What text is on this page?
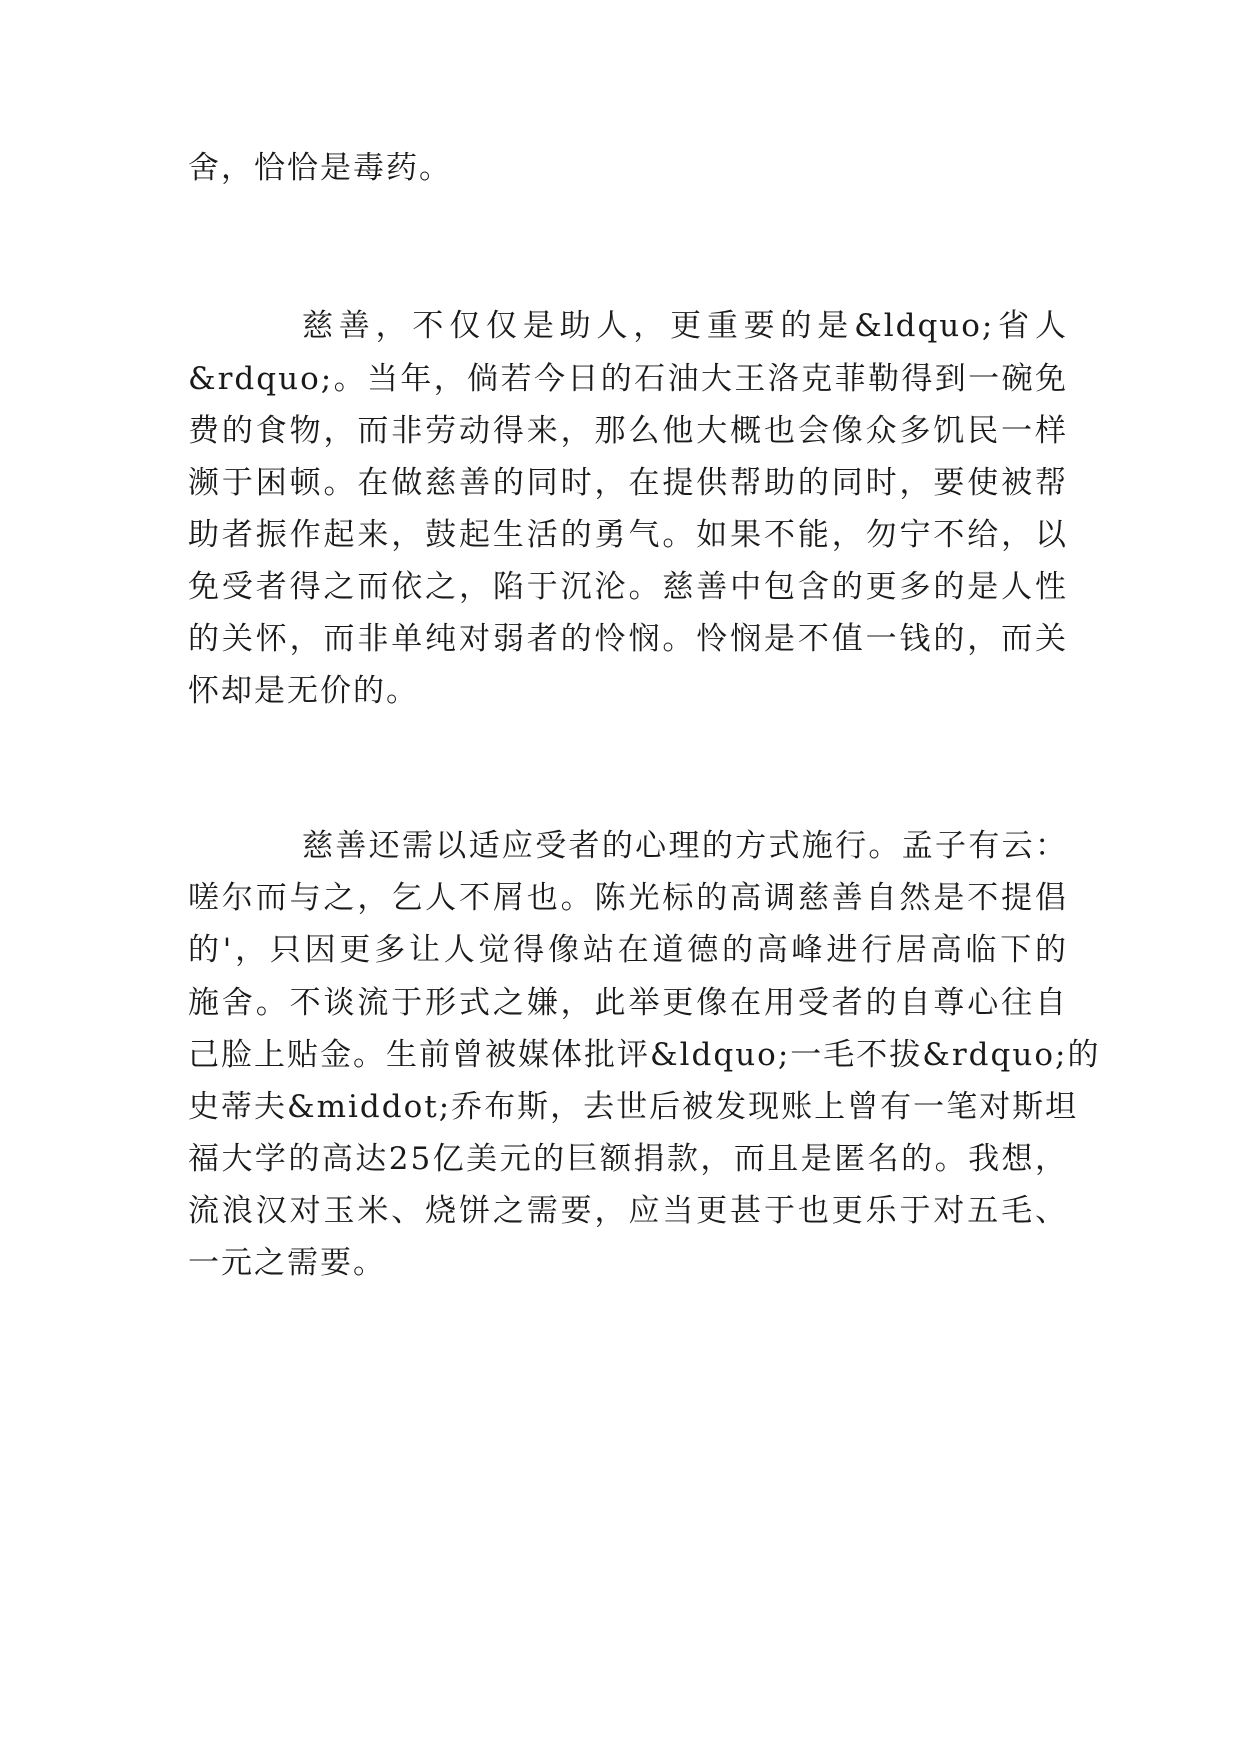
舍，恰恰是毒药。
慈善，不仅仅是助人，更重要的是&ldquo;省人
&rdquo;。当年，倘若今日的石油大王洛克菲勒得到一碗免
费的食物，而非劳动得来，那么他大概也会像众多饥民一样
濒于困顿。在做慈善的同时，在提供帮助的同时，要使被帮
助者振作起来，鼓起生活的勇气。如果不能，勿宁不给，以
免受者得之而依之，陷于沉沦。慈善中包含的更多的是人性
的关怀，而非单纯对弱者的怜悯。怜悯是不值一钱的，而关
怀却是无价的。
慈善还需以适应受者的心理的方式施行。孟子有云：
嗟尔而与之，乞人不屑也。陈光标的高调慈善自然是不提倡
的'，只因更多让人觉得像站在道德的高峰进行居高临下的
施舍。不谈流于形式之嫌，此举更像在用受者的自尊心往自
己脸上贴金。生前曾被媒体批评&ldquo;一毛不拔&rdquo;的
史蒂夫&middot;乔布斯，去世后被发现账上曾有一笔对斯坦
福大学的高达25亿美元的巨额捐款，而且是匿名的。我想，
流浪汉对玉米、烧饼之需要，应当更甚于也更乐于对五毛、
一元之需要。
